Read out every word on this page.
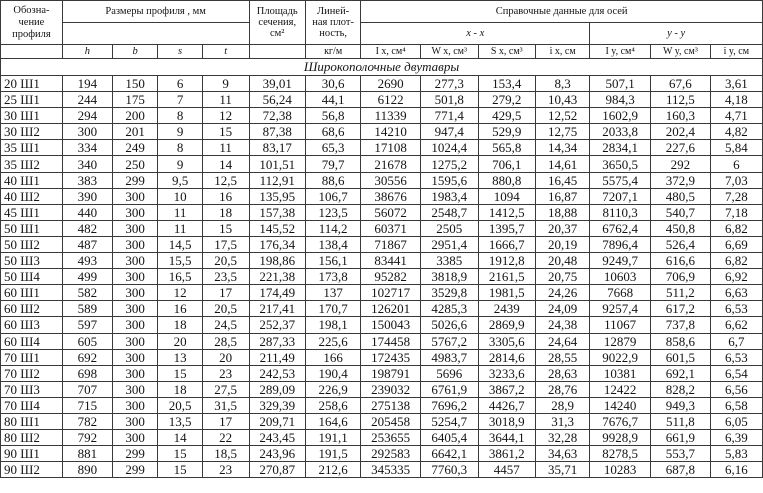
Обозна-
чение
профиля	Размеры профиля , мм				Площадь
сечения,
см²	Линей-
ная плот-
ность,	Справочные данные для осей						
							x - x				y - y		
	h	b	s	t		кг/м	I x, см⁴	W x, см³	S x, см³	i x, см	I y, см⁴	W y, см³	i y, см
Широкополочные двутавры													
20 Ш1	194	150	6	9	39,01	30,6	2690	277,3	153,4	8,3	507,1	67,6	3,61
25 Ш1	244	175	7	11	56,24	44,1	6122	501,8	279,2	10,43	984,3	112,5	4,18
30 Ш1	294	200	8	12	72,38	56,8	11339	771,4	429,5	12,52	1602,9	160,3	4,71
30 Ш2	300	201	9	15	87,38	68,6	14210	947,4	529,9	12,75	2033,8	202,4	4,82
35 Ш1	334	249	8	11	83,17	65,3	17108	1024,4	565,8	14,34	2834,1	227,6	5,84
35 Ш2	340	250	9	14	101,51	79,7	21678	1275,2	706,1	14,61	3650,5	292	6
40 Ш1	383	299	9,5	12,5	112,91	88,6	30556	1595,6	880,8	16,45	5575,4	372,9	7,03
40 Ш2	390	300	10	16	135,95	106,7	38676	1983,4	1094	16,87	7207,1	480,5	7,28
45 Ш1	440	300	11	18	157,38	123,5	56072	2548,7	1412,5	18,88	8110,3	540,7	7,18
50 Ш1	482	300	11	15	145,52	114,2	60371	2505	1395,7	20,37	6762,4	450,8	6,82
50 Ш2	487	300	14,5	17,5	176,34	138,4	71867	2951,4	1666,7	20,19	7896,4	526,4	6,69
50 Ш3	493	300	15,5	20,5	198,86	156,1	83441	3385	1912,8	20,48	9249,7	616,6	6,82
50 Ш4	499	300	16,5	23,5	221,38	173,8	95282	3818,9	2161,5	20,75	10603	706,9	6,92
60 Ш1	582	300	12	17	174,49	137	102717	3529,8	1981,5	24,26	7668	511,2	6,63
60 Ш2	589	300	16	20,5	217,41	170,7	126201	4285,3	2439	24,09	9257,4	617,2	6,53
60 Ш3	597	300	18	24,5	252,37	198,1	150043	5026,6	2869,9	24,38	11067	737,8	6,62
60 Ш4	605	300	20	28,5	287,33	225,6	174458	5767,2	3305,6	24,64	12879	858,6	6,7
70 Ш1	692	300	13	20	211,49	166	172435	4983,7	2814,6	28,55	9022,9	601,5	6,53
70 Ш2	698	300	15	23	242,53	190,4	198791	5696	3233,6	28,63	10381	692,1	6,54
70 Ш3	707	300	18	27,5	289,09	226,9	239032	6761,9	3867,2	28,76	12422	828,2	6,56
70 Ш4	715	300	20,5	31,5	329,39	258,6	275138	7696,2	4426,7	28,9	14240	949,3	6,58
80 Ш1	782	300	13,5	17	209,71	164,6	205458	5254,7	3018,9	31,3	7676,7	511,8	6,05
80 Ш2	792	300	14	22	243,45	191,1	253655	6405,4	3644,1	32,28	9928,9	661,9	6,39
90 Ш1	881	299	15	18,5	243,96	191,5	292583	6642,1	3861,2	34,63	8278,5	553,7	5,83
90 Ш2	890	299	15	23	270,87	212,6	345335	7760,3	4457	35,71	10283	687,8	6,16
